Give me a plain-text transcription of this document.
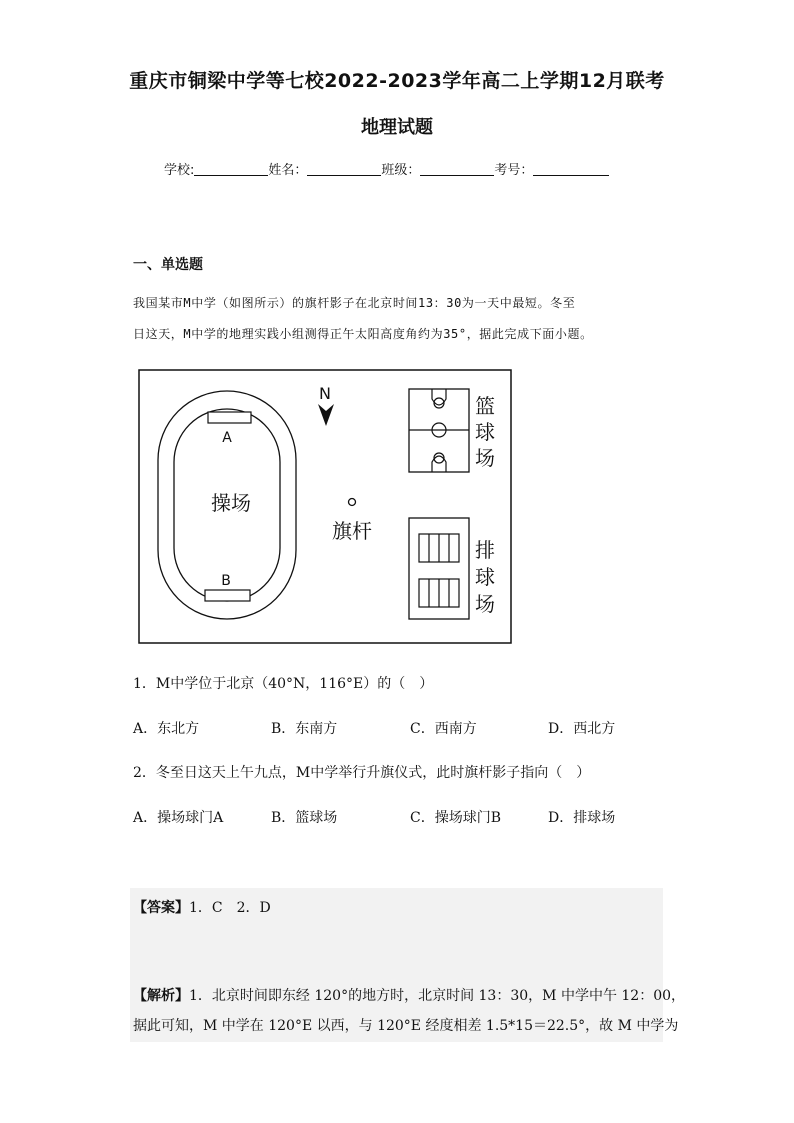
重庆市铜梁中学等七校2022-2023学年高二上学期12月联考
地理试题
学校:	姓名：	班级：	考号：
一、单选题
我国某市M中学（如图所示）的旗杆影子在北京时间13：30为一天中最短。冬至
日这天，M中学的地理实践小组测得正午太阳高度角约为35°，据此完成下面小题。
A
B
操场
N
旗杆
篮
球
场
排
球
场
1．M中学位于北京（40°N，116°E）的（　）
A．东北方	B．东南方	C．西南方	D．西北方
2．冬至日这天上午九点，M中学举行升旗仪式，此时旗杆影子指向（　）
A．操场球门A	B．篮球场	C．操场球门B	D．排球场
【答案】1．C　2．D
【解析】1．北京时间即东经 120°的地方时，北京时间 13：30，M 中学中午 12：00，
据此可知，M 中学在 120°E 以西，与 120°E 经度相差 1.5*15＝22.5°，故 M 中学为
